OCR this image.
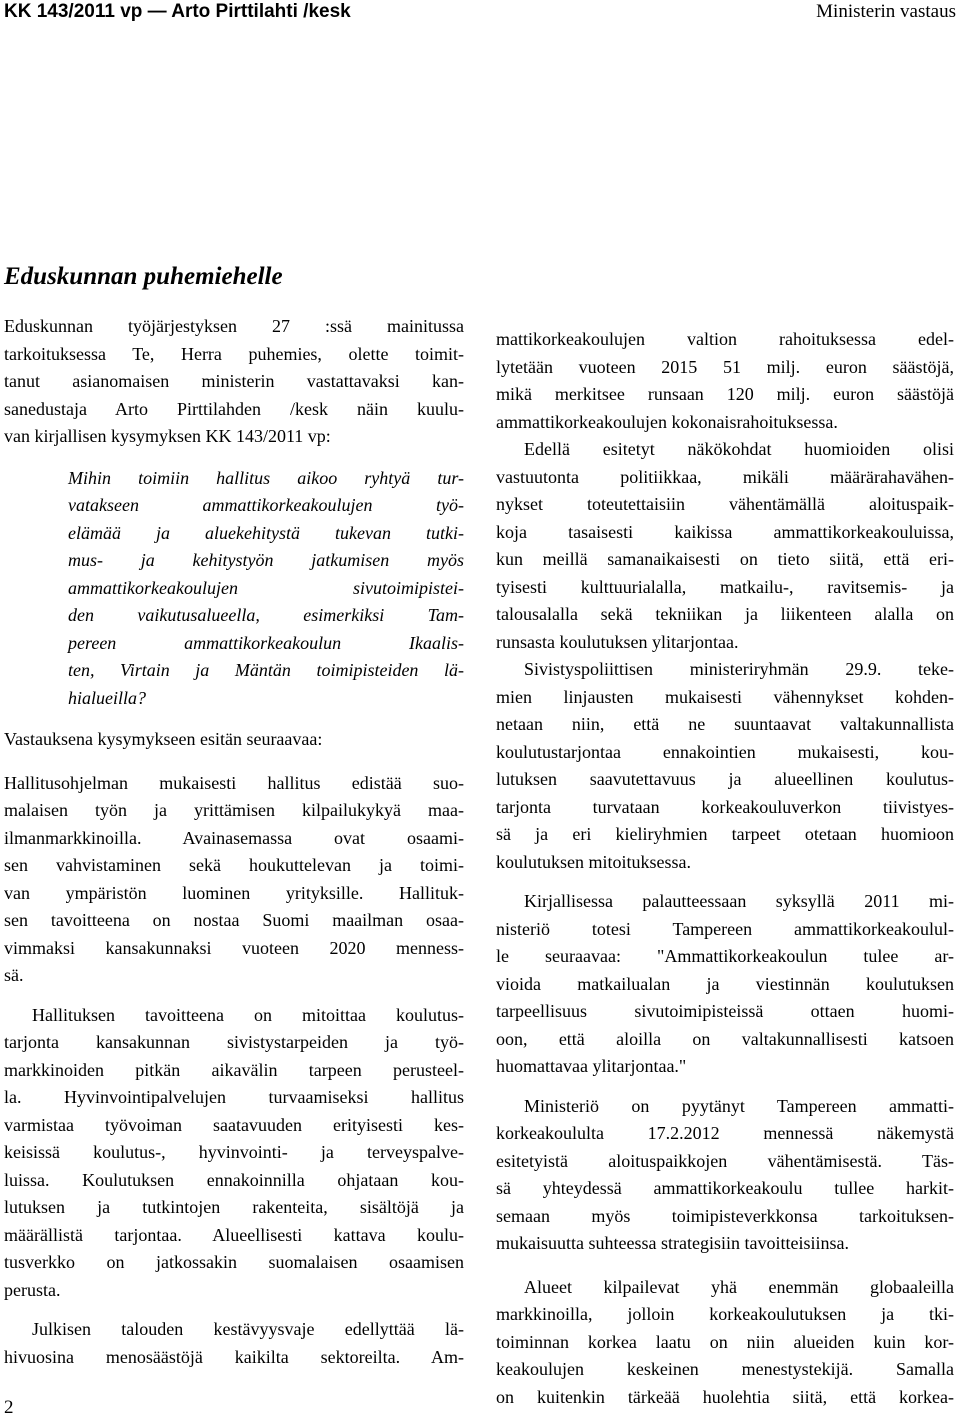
KK 143/2011 vp — Arto Pirttilahti /kesk	Ministerin vastaus
Eduskunnan puhemiehelle

Eduskunnan työjärjestyksen 27 :ssä mainitussa
tarkoituksessa Te, Herra puhemies, olette toimit-
tanut asianomaisen ministerin vastattavaksi kan-
sanedustaja Arto Pirttilahden /kesk näin kuulu-
van kirjallisen kysymyksen KK 143/2011 vp:

Mihin toimiin hallitus aikoo ryhtyä tur-
vatakseen ammattikorkeakoulujen työ-
elämää ja aluekehitystä tukevan tutki-
mus- ja kehitystyön jatkumisen myös
ammattikorkeakoulujen sivutoimipistei-
den vaikutusalueella, esimerkiksi Tam-
pereen ammattikorkeakoulun Ikaalis-
ten, Virtain ja Mäntän toimipisteiden lä-
hialueilla?

Vastauksena kysymykseen esitän seuraavaa:

Hallitusohjelman mukaisesti hallitus edistää suo-
malaisen työn ja yrittämisen kilpailukykyä maa-
ilmanmarkkinoilla. Avainasemassa ovat osaami-
sen vahvistaminen sekä houkuttelevan ja toimi-
van ympäristön luominen yrityksille. Hallituk-
sen tavoitteena on nostaa Suomi maailman osaa-
vimmaksi kansakunnaksi vuoteen 2020 menness-
sä.

Hallituksen tavoitteena on mitoittaa koulutus-
tarjonta kansakunnan sivistystarpeiden ja työ-
markkinoiden pitkän aikavälin tarpeen perusteel-
la. Hyvinvointipalvelujen turvaamiseksi hallitus
varmistaa työvoiman saatavuuden erityisesti kes-
keisissä koulutus-, hyvinvointi- ja terveyspalve-
luissa. Koulutuksen ennakoinnilla ohjataan kou-
lutuksen ja tutkintojen rakenteita, sisältöjä ja
määrällistä tarjontaa. Alueellisesti kattava koulu-
tusverkko on jatkossakin suomalaisen osaamisen
perusta.

Julkisen talouden kestävyysvaje edellyttää lä-
hivuosina menosäästöjä kaikilta sektoreilta. Am-

mattikorkeakoulujen valtion rahoituksessa edel-
lytetään vuoteen 2015 51 milj. euron säästöjä,
mikä merkitsee runsaan 120 milj. euron säästöjä
ammattikorkeakoulujen kokonaisrahoituksessa.

Edellä esitetyt näkökohdat huomioiden olisi
vastuutonta politiikkaa, mikäli määrärahavähen-
nykset toteutettaisiin vähentämällä aloituspaik-
koja tasaisesti kaikissa ammattikorkeakouluissa,
kun meillä samanaikaisesti on tieto siitä, että eri-
tyisesti kulttuurialalla, matkailu-, ravitsemis- ja
talousalalla sekä tekniikan ja liikenteen alalla on
runsasta koulutuksen ylitarjontaa.

Sivistyspoliittisen ministeriryhmän 29.9. teke-
mien linjausten mukaisesti vähennykset kohden-
netaan niin, että ne suuntaavat valtakunnallista
koulutustarjontaa ennakointien mukaisesti, kou-
lutuksen saavutettavuus ja alueellinen koulutus-
tarjonta turvataan korkeakouluverkon tiivistyes-
sä ja eri kieliryhmien tarpeet otetaan huomioon
koulutuksen mitoituksessa.

Kirjallisessa palautteessaan syksyllä 2011 mi-
nisteriö totesi Tampereen ammattikorkeakoulul-
le seuraavaa: "Ammattikorkeakoulun tulee ar-
vioida matkailualan ja viestinnän koulutuksen
tarpeellisuus sivutoimipisteissä ottaen huomi-
oon, että aloilla on valtakunnallisesti katsoen
huomattavaa ylitarjontaa."

Ministeriö on pyytänyt Tampereen ammatti-
korkeakoululta 17.2.2012 mennessä näkemystä
esitetyistä aloituspaikkojen vähentämisestä. Täs-
sä yhteydessä ammattikorkeakoulu tullee harkit-
semaan myös toimipisteverkkonsa tarkoituksen-
mukaisuutta suhteessa strategisiin tavoitteisiinsa.

Alueet kilpailevat yhä enemmän globaaleilla
markkinoilla, jolloin korkeakoulutuksen ja tki-
toiminnan korkea laatu on niin alueiden kuin kor-
keakoulujen keskeinen menestystekijä. Samalla
on kuitenkin tärkeää huolehtia siitä, että korkea-

2
